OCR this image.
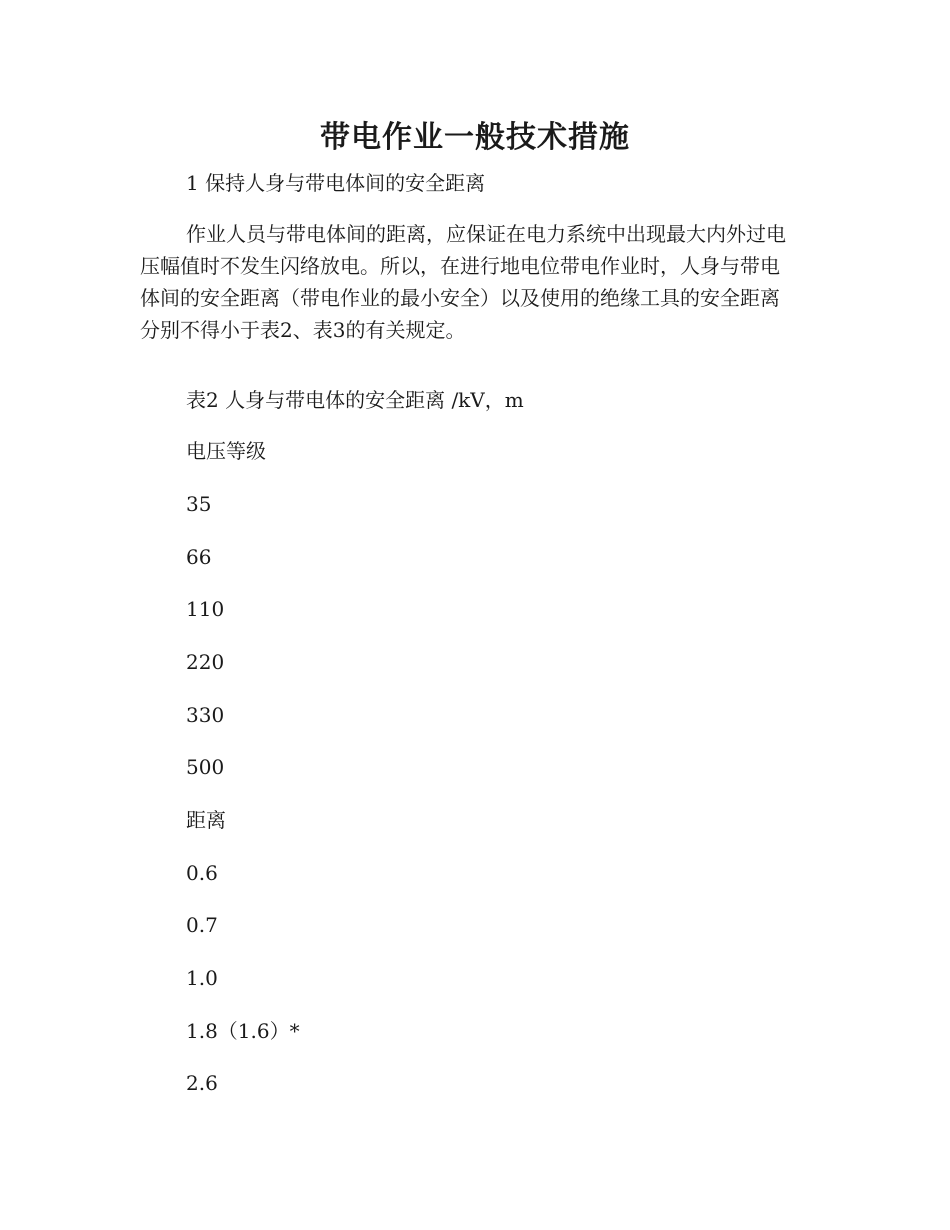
带电作业一般技术措施
1 保持人身与带电体间的安全距离
作业人员与带电体间的距离，应保证在电力系统中出现最大内外过电压幅值时不发生闪络放电。所以，在进行地电位带电作业时，人身与带电体间的安全距离（带电作业的最小安全）以及使用的绝缘工具的安全距离分别不得小于表2、表3的有关规定。
表2 人身与带电体的安全距离 /kV，m
电压等级
35
66
110
220
330
500
距离
0.6
0.7
1.0
1.8（1.6）*
2.6
